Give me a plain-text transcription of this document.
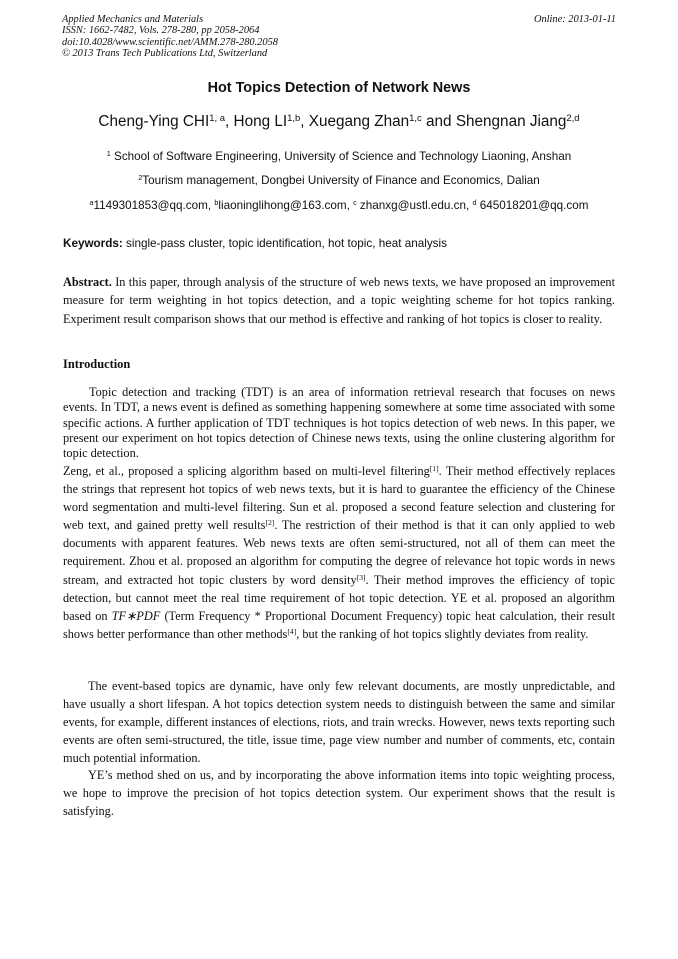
Applied Mechanics and Materials
ISSN: 1662-7482, Vols. 278-280, pp 2058-2064
doi:10.4028/www.scientific.net/AMM.278-280.2058
© 2013 Trans Tech Publications Ltd, Switzerland
Online: 2013-01-11
Hot Topics Detection of Network News
Cheng-Ying CHI$^{1, a}$, Hong LI$^{1,b}$, Xuegang Zhan$^{1,c}$ and Shengnan Jiang$^{2,d}$
$^1$ School of Software Engineering, University of Science and Technology Liaoning, Anshan
$^2$Tourism management, Dongbei University of Finance and Economics, Dalian
$^a$1149301853@qq.com, $^b$liaoninglihong@163.com, $^c$ zhanxg@ustl.edu.cn, $^d$ 645018201@qq.com
Keywords: single-pass cluster, topic identification, hot topic, heat analysis
Abstract. In this paper, through analysis of the structure of web news texts, we have proposed an improvement measure for term weighting in hot topics detection, and a topic weighting scheme for hot topics ranking. Experiment result comparison shows that our method is effective and ranking of hot topics is closer to reality.
Introduction
Topic detection and tracking (TDT) is an area of information retrieval research that focuses on news events. In TDT, a news event is defined as something happening somewhere at some time associated with some specific actions. A further application of TDT techniques is hot topics detection of web news. In this paper, we present our experiment on hot topics detection of Chinese news texts, using the online clustering algorithm for topic detection.
Zeng, et al., proposed a splicing algorithm based on multi-level filtering[1]. Their method effectively replaces the strings that represent hot topics of web news texts, but it is hard to guarantee the efficiency of the Chinese word segmentation and multi-level filtering. Sun et al. proposed a second feature selection and clustering for web text, and gained pretty well results[2]. The restriction of their method is that it can only applied to web documents with apparent features. Web news texts are often semi-structured, not all of them can meet the requirement. Zhou et al. proposed an algorithm for computing the degree of relevance hot topic words in news stream, and extracted hot topic clusters by word density[3]. Their method improves the efficiency of topic detection, but cannot meet the real time requirement of hot topic detection. YE et al. proposed an algorithm based on TF∗PDF (Term Frequency * Proportional Document Frequency) topic heat calculation, their result shows better performance than other methods[4], but the ranking of hot topics slightly deviates from reality.
The event-based topics are dynamic, have only few relevant documents, are mostly unpredictable, and have usually a short lifespan. A hot topics detection system needs to distinguish between the same and similar events, for example, different instances of elections, riots, and train wrecks. However, news texts reporting such events are often semi-structured, the title, issue time, page view number and number of comments, etc, contain much potential information.
YE’s method shed on us, and by incorporating the above information items into topic weighting process, we hope to improve the precision of hot topics detection system. Our experiment shows that the result is satisfying.
